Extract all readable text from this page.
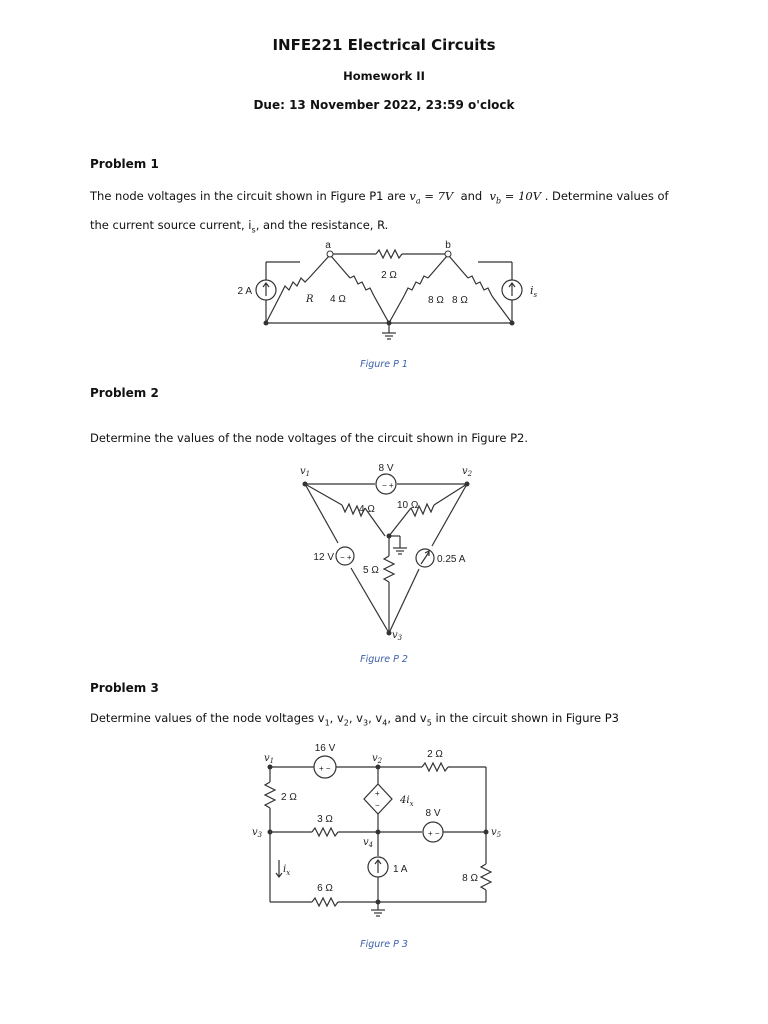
INFE221 Electrical Circuits
Homework II
Due: 13 November 2022, 23:59 o'clock
Problem 1
The node voltages in the circuit shown in Figure P1 are $v_a = 7V$ and $v_b = 10V$ . Determine values of
the current source current, $i_s$, and the resistance, R.
a	b
2 A
R 4 Ω
2 Ω
8 Ω 8 Ω
$i_s$
Figure P 1
Problem 2
Determine the values of the node voltages of the circuit shown in Figure P2.
− +
− +
$v_1$	$v_2$
$v_3$
8 V
4 Ω 10 Ω
12 V
5 Ω
0.25 A
Figure P 2
Problem 3
Determine values of the node voltages $v_1$, $v_2$, $v_3$, $v_4$, and $v_5$ in the circuit shown in Figure P3
+ −
+ −
+
−
$v_1$	$v_2$
$v_3$
$v_4$
$v_5$
16 V
2 Ω
2 Ω	$4i_x$
8 V
3 Ω
$i_x$	1 A
8 Ω
6 Ω
Figure P 3
